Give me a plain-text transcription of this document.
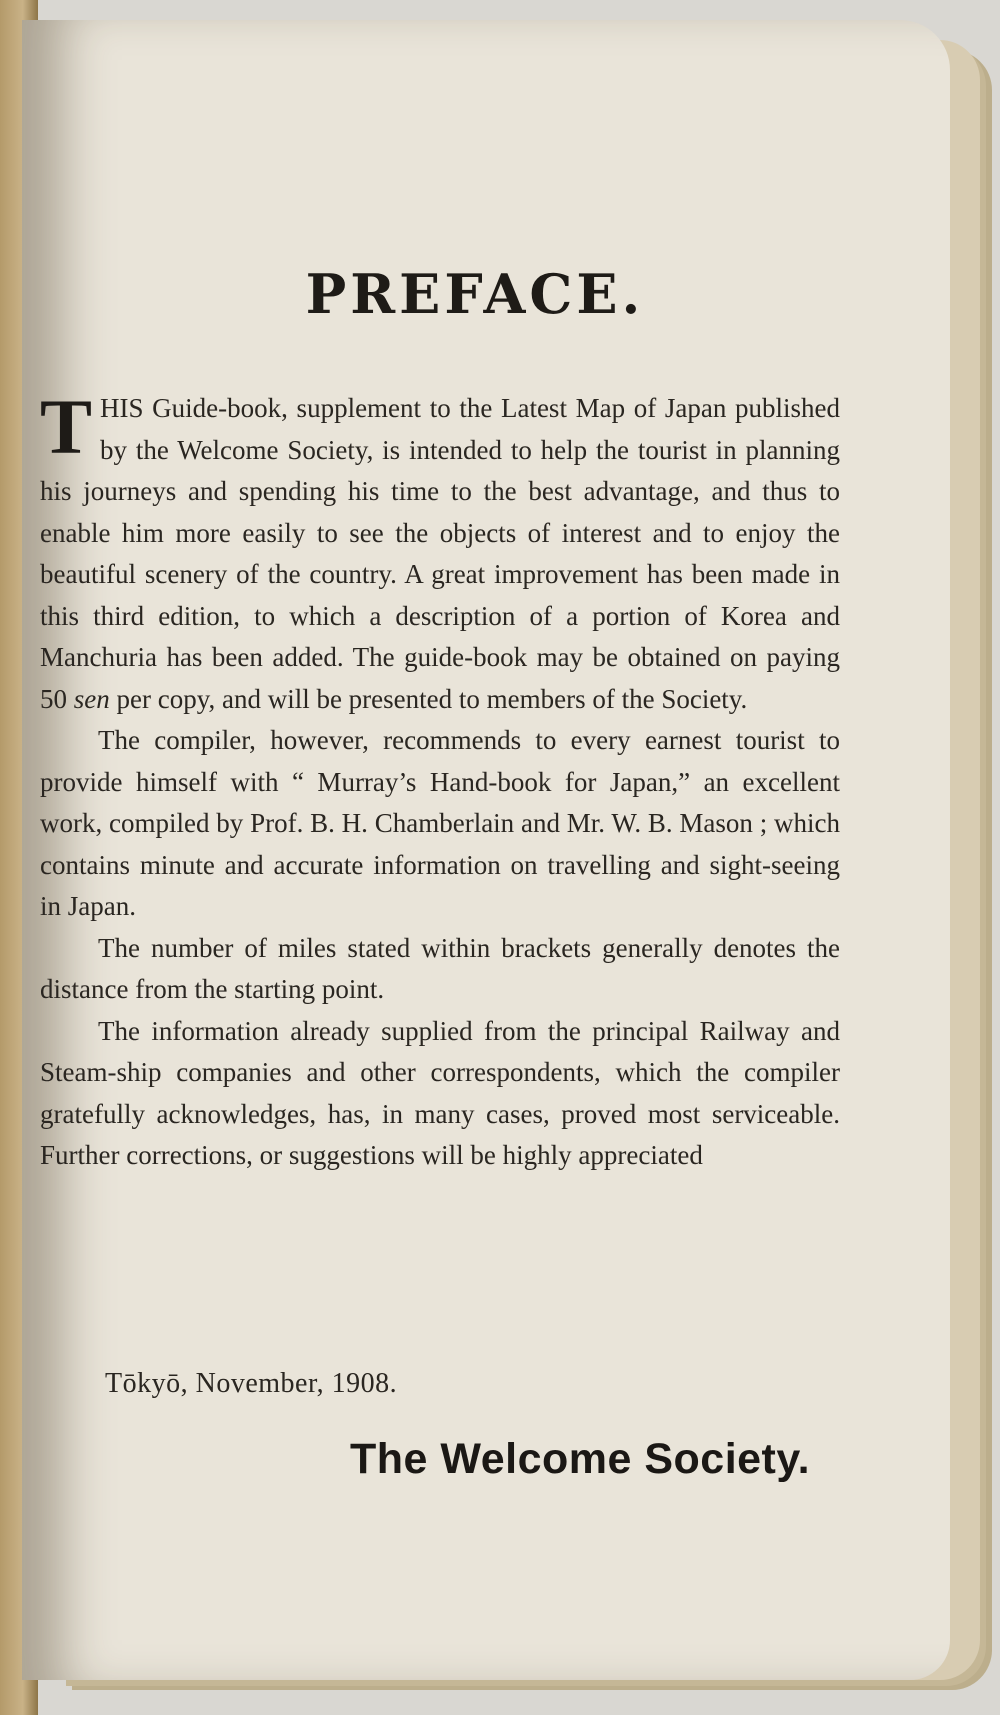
PREFACE.

THIS Guide-book, supplement to the Latest Map of Japan published by the Welcome Society, is intended to help the tourist in planning his journeys and spending his time to the best advantage, and thus to enable him more easily to see the objects of interest and to enjoy the beautiful scenery of the country. A great improvement has been made in this third edition, to which a description of a portion of Korea and Manchuria has been added. The guide-book may be obtained on paying 50 sen per copy, and will be presented to members of the Society.

The compiler, however, recommends to every earnest tourist to provide himself with “ Murray’s Hand-book for Japan,” an excellent work, compiled by Prof. B. H. Chamberlain and Mr. W. B. Mason ; which contains minute and accurate information on travelling and sight-seeing in Japan.

The number of miles stated within brackets generally denotes the distance from the starting point.

The information already supplied from the principal Railway and Steam-ship companies and other correspondents, which the compiler gratefully acknowledges, has, in many cases, proved most serviceable. Further corrections, or suggestions will be highly appreciated

Tōkyō, November, 1908.
The Welcome Society.
